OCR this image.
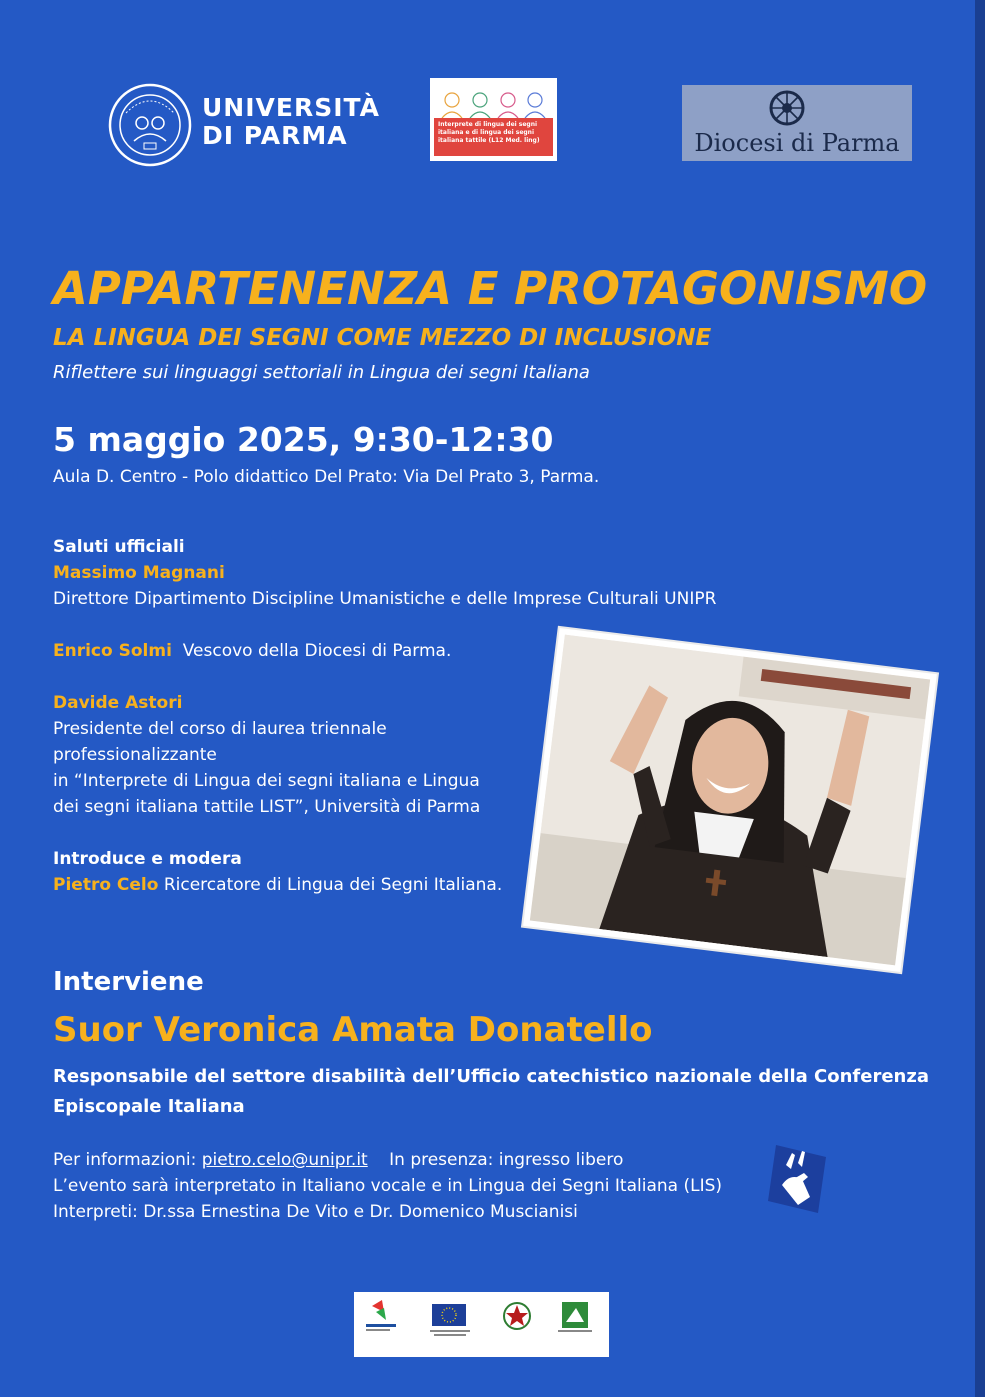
UNIVERSITÀ
DI PARMA	Interprete di lingua dei segni italiana e di lingua dei segni italiana tattile (L12 Med. ling)	Diocesi di Parma
APPARTENENZA E PROTAGONISMO
LA LINGUA DEI SEGNI COME MEZZO DI INCLUSIONE
Riflettere sui linguaggi settoriali in Lingua dei segni Italiana
5 maggio 2025, 9:30-12:30
Aula D. Centro - Polo didattico Del Prato: Via Del Prato 3, Parma.
Saluti ufficiali
Massimo Magnani
Direttore Dipartimento Discipline Umanistiche e delle Imprese Culturali UNIPR
Enrico Solmi Vescovo della Diocesi di Parma.
Davide Astori
Presidente del corso di laurea triennale
professionalizzante
in “Interprete di Lingua dei segni italiana e Lingua
dei segni italiana tattile LIST”, Università di Parma
Introduce e modera
Pietro Celo Ricercatore di Lingua dei Segni Italiana.
Interviene
Suor Veronica Amata Donatello
Responsabile del settore disabilità dell’Ufficio catechistico nazionale della Conferenza
Episcopale Italiana
Per informazioni: pietro.celo@unipr.it In presenza: ingresso libero
L’evento sarà interpretato in Italiano vocale e in Lingua dei Segni Italiana (LIS)
Interpreti: Dr.ssa Ernestina De Vito e Dr. Domenico Muscianisi
